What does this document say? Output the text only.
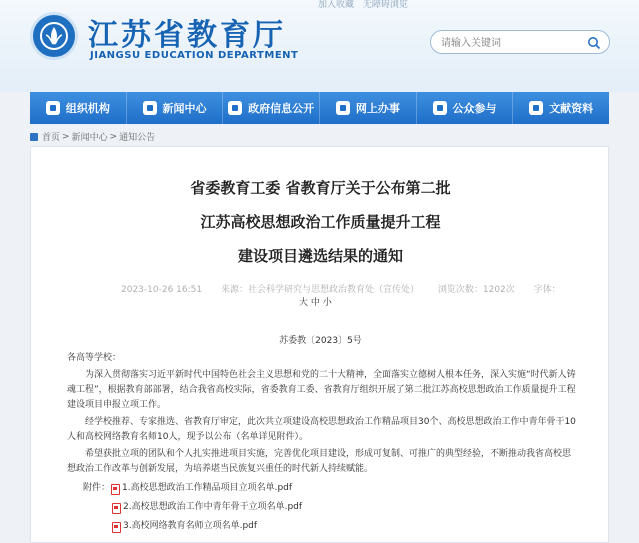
加入收藏 无障碍浏览
江苏省教育厅
JIANGSU EDUCATION DEPARTMENT
请输入关键词
组织机构	新闻中心	政府信息公开	网上办事	公众参与	文献资料
首页 > 新闻中心 > 通知公告
省委教育工委 省教育厅关于公布第二批
江苏高校思想政治工作质量提升工程
建设项目遴选结果的通知
2023-10-26 16:51 来源：社会科学研究与思想政治教育处（宣传处） 浏览次数：1202次 字体：
大 中 小
苏委教〔2023〕5号

各高等学校：

为深入贯彻落实习近平新时代中国特色社会主义思想和党的二十大精神，全面落实立德树人根本任务，深入实施“时代新人铸魂工程”，根据教育部部署，结合我省高校实际，省委教育工委、省教育厅组织开展了第二批江苏高校思想政治工作质量提升工程建设项目申报立项工作。

经学校推荐、专家推选、省教育厅审定，此次共立项建设高校思想政治工作精品项目30个、高校思想政治工作中青年骨干10人和高校网络教育名师10人，现予以公布（名单详见附件）。

希望获批立项的团队和个人扎实推进项目实施，完善优化项目建设，形成可复制、可推广的典型经验，不断推动我省高校思想政治工作改革与创新发展，为培养堪当民族复兴重任的时代新人持续赋能。

附件： 1.高校思想政治工作精品项目立项名单.pdf
2.高校思想政治工作中青年骨干立项名单.pdf
3.高校网络教育名师立项名单.pdf
